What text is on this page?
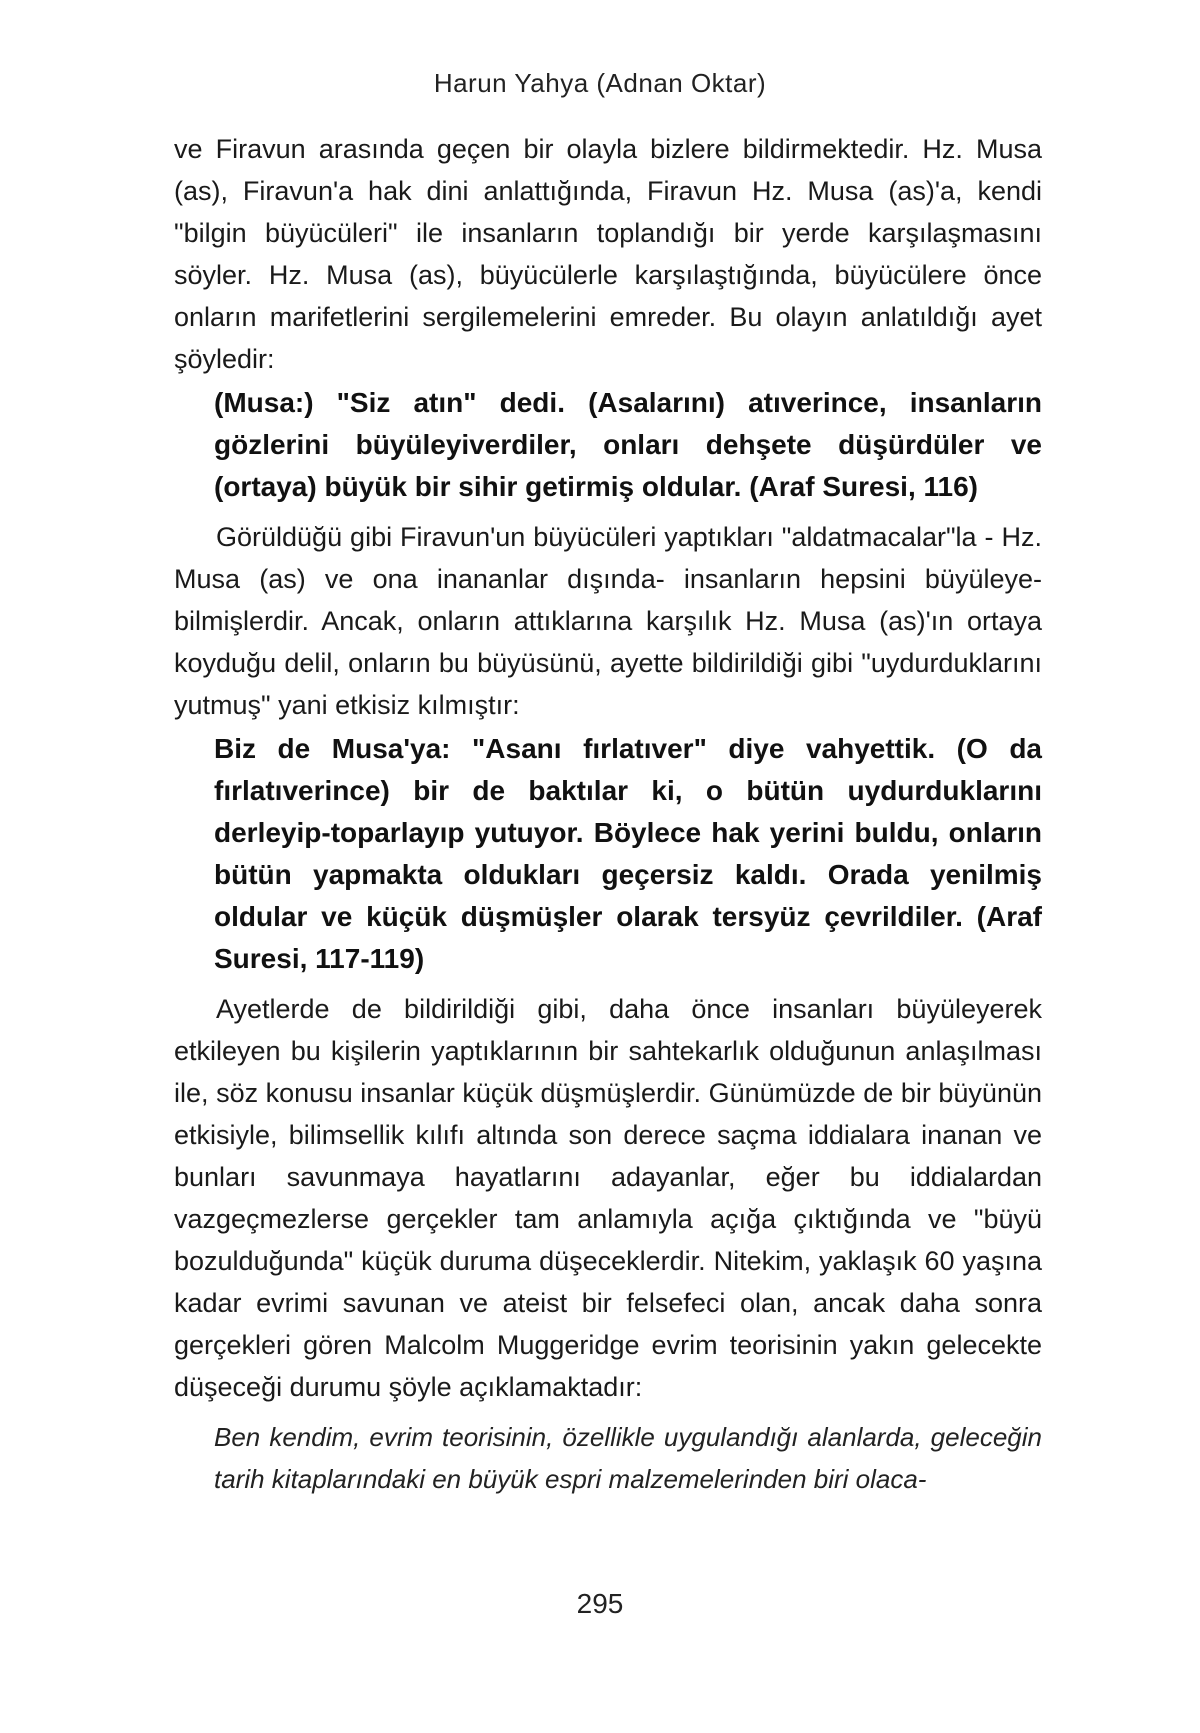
Harun Yahya (Adnan Oktar)

ve Firavun arasında geçen bir olayla bizlere bildirmektedir. Hz. Musa (as), Firavun'a hak dini anlattığında, Firavun Hz. Musa (as)'a, kendi "bilgin büyücüleri" ile insanların toplandığı bir yerde karşılaşmasını söyler. Hz. Musa (as), büyücülerle karşılaştığında, büyücülere önce onların marifetlerini sergilemelerini emreder. Bu olayın anlatıldığı ayet şöyledir:

(Musa:) "Siz atın" dedi. (Asalarını) atıverince, insanların gözlerini büyüleyiverdiler, onları dehşete düşürdüler ve (ortaya) büyük bir sihir getirmiş oldular. (Araf Suresi, 116)

Görüldüğü gibi Firavun'un büyücüleri yaptıkları "aldatmacalar"la - Hz. Musa (as) ve ona inananlar dışında- insanların hepsini büyüleyebilmişlerdir. Ancak, onların attıklarına karşılık Hz. Musa (as)'ın ortaya koyduğu delil, onların bu büyüsünü, ayette bildirildiği gibi "uydurduklarını yutmuş" yani etkisiz kılmıştır:

Biz de Musa'ya: "Asanı fırlatıver" diye vahyettik. (O da fırlatıverince) bir de baktılar ki, o bütün uydurduklarını derleyip-toparlayıp yutuyor. Böylece hak yerini buldu, onların bütün yapmakta oldukları geçersiz kaldı. Orada yenilmiş oldular ve küçük düşmüşler olarak tersyüz çevrildiler. (Araf Suresi, 117-119)

Ayetlerde de bildirildiği gibi, daha önce insanları büyüleyerek etkileyen bu kişilerin yaptıklarının bir sahtekarlık olduğunun anlaşılması ile, söz konusu insanlar küçük düşmüşlerdir. Günümüzde de bir büyünün etkisiyle, bilimsellik kılıfı altında son derece saçma iddialara inanan ve bunları savunmaya hayatlarını adayanlar, eğer bu iddialardan vazgeçmezlerse gerçekler tam anlamıyla açığa çıktığında ve "büyü bozulduğunda" küçük duruma düşeceklerdir. Nitekim, yaklaşık 60 yaşına kadar evrimi savunan ve ateist bir felsefeci olan, ancak daha sonra gerçekleri gören Malcolm Muggeridge evrim teorisinin yakın gelecekte düşeceği durumu şöyle açıklamaktadır:

Ben kendim, evrim teorisinin, özellikle uygulandığı alanlarda, geleceğin tarih kitaplarındaki en büyük espri malzemelerinden biri olaca-

295
